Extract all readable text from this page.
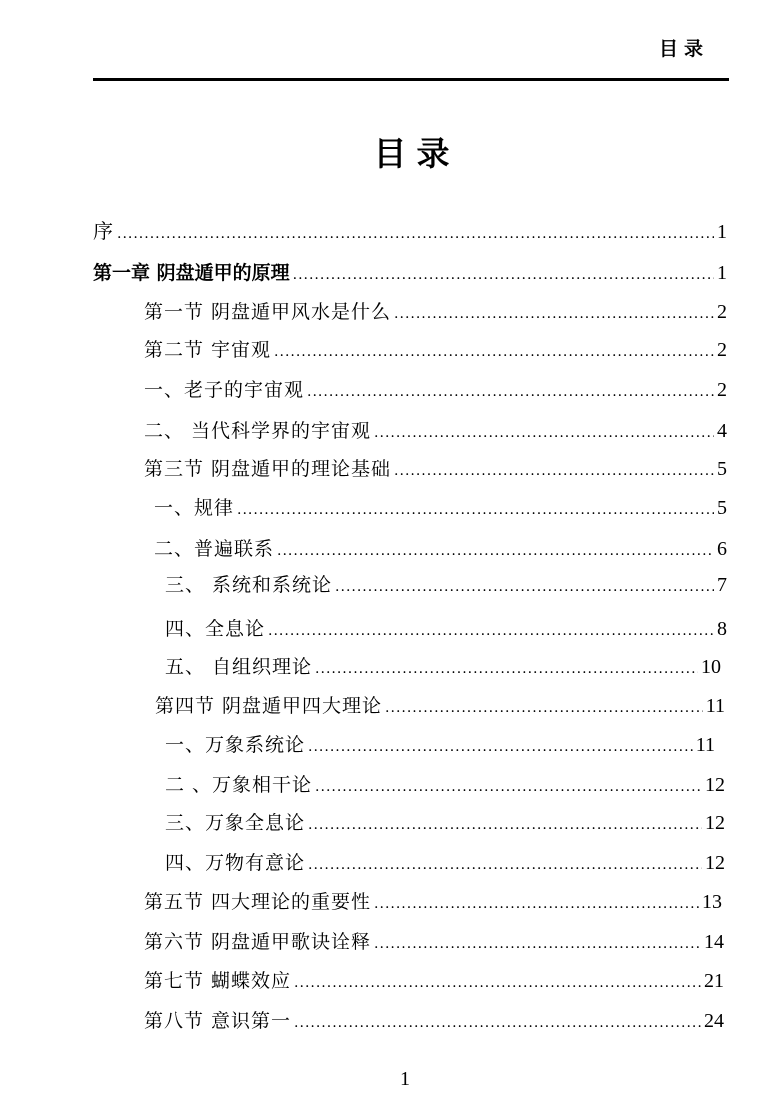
目录
目录
序 .....	1
第一章 阴盘遁甲的原理 .....	1
第一节 阴盘遁甲风水是什么 .....	2
第二节 宇宙观 .....	2
一、老子的宇宙观 .....	2
二、 当代科学界的宇宙观 .....	4
第三节 阴盘遁甲的理论基础 .....	5
一、规律 .....	5
二、普遍联系 .....	6
三、 系统和系统论 .....	7
四、全息论 .....	8
五、 自组织理论 .....	10
第四节 阴盘遁甲四大理论 .....	11
一、万象系统论 .....	11
二 、万象相干论 .....	12
三、万象全息论 .....	12
四、万物有意论 .....	12
第五节 四大理论的重要性 .....	13
第六节 阴盘遁甲歌诀诠释 .....	14
第七节 蝴蝶效应 .....	21
第八节 意识第一 .....	24
1
